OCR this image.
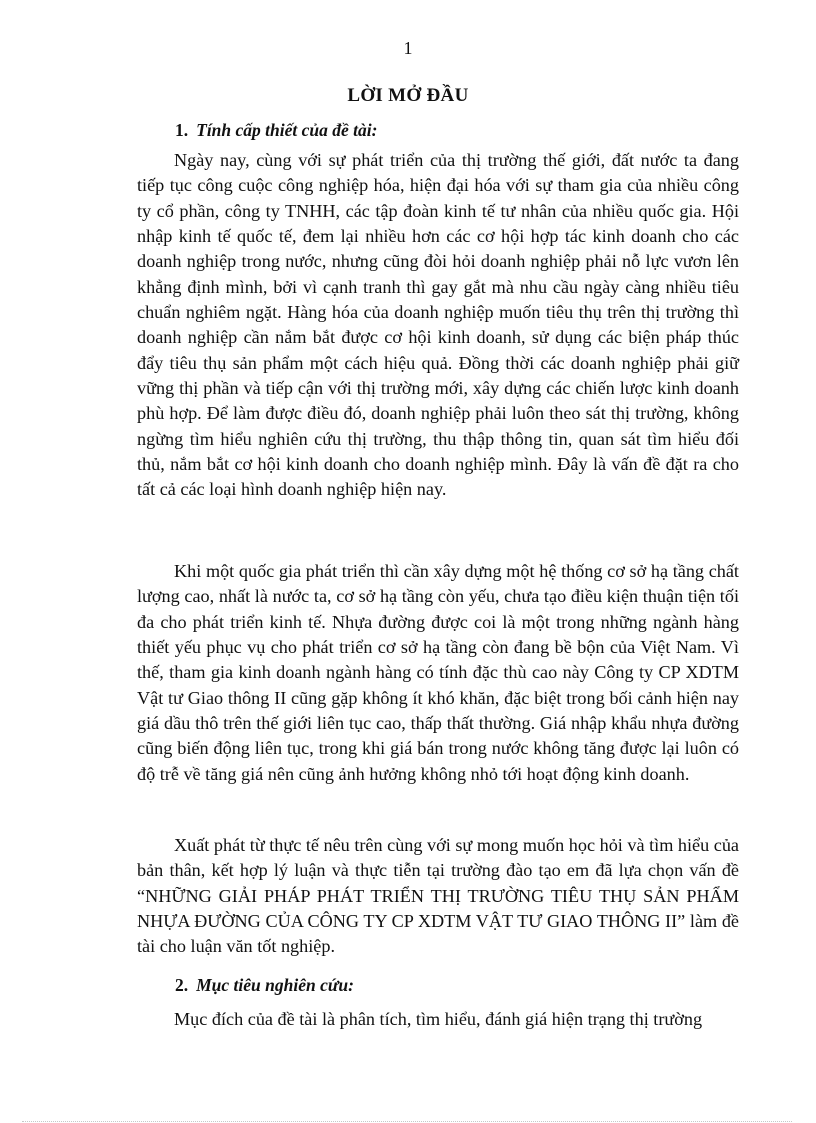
1
LỜI MỞ ĐẦU
1. Tính cấp thiết của đề tài:

Ngày nay, cùng với sự phát triển của thị trường thế giới, đất nước ta đang tiếp tục công cuộc công nghiệp hóa, hiện đại hóa với sự tham gia của nhiều công ty cổ phần, công ty TNHH, các tập đoàn kinh tế tư nhân của nhiều quốc gia. Hội nhập kinh tế quốc tế, đem lại nhiều hơn các cơ hội hợp tác kinh doanh cho các doanh nghiệp trong nước, nhưng cũng đòi hỏi doanh nghiệp phải nỗ lực vươn lên khẳng định mình, bởi vì cạnh tranh thì gay gắt mà nhu cầu ngày càng nhiều tiêu chuẩn nghiêm ngặt. Hàng hóa của doanh nghiệp muốn tiêu thụ trên thị trường thì doanh nghiệp cần nắm bắt được cơ hội kinh doanh, sử dụng các biện pháp thúc đẩy tiêu thụ sản phẩm một cách hiệu quả. Đồng thời các doanh nghiệp phải giữ vững thị phần và tiếp cận với thị trường mới, xây dựng các chiến lược kinh doanh phù hợp. Để làm được điều đó, doanh nghiệp phải luôn theo sát thị trường, không ngừng tìm hiểu nghiên cứu thị trường, thu thập thông tin, quan sát tìm hiểu đối thủ, nắm bắt cơ hội kinh doanh cho doanh nghiệp mình. Đây là vấn đề đặt ra cho tất cả các loại hình doanh nghiệp hiện nay.

Khi một quốc gia phát triển thì cần xây dựng một hệ thống cơ sở hạ tầng chất lượng cao, nhất là nước ta, cơ sở hạ tầng còn yếu, chưa tạo điều kiện thuận tiện tối đa cho phát triển kinh tế. Nhựa đường được coi là một trong những ngành hàng thiết yếu phục vụ cho phát triển cơ sở hạ tầng còn đang bề bộn của Việt Nam. Vì thế, tham gia kinh doanh ngành hàng có tính đặc thù cao này Công ty CP XDTM Vật tư Giao thông II cũng gặp không ít khó khăn, đặc biệt trong bối cảnh hiện nay giá dầu thô trên thế giới liên tục cao, thấp thất thường. Giá nhập khẩu nhựa đường cũng biến động liên tục, trong khi giá bán trong nước không tăng được lại luôn có độ trễ về tăng giá nên cũng ảnh hưởng không nhỏ tới hoạt động kinh doanh.

Xuất phát từ thực tế nêu trên cùng với sự mong muốn học hỏi và tìm hiểu của bản thân, kết hợp lý luận và thực tiễn tại trường đào tạo em đã lựa chọn vấn đề “NHỮNG GIẢI PHÁP PHÁT TRIỂN THỊ TRƯỜNG TIÊU THỤ SẢN PHẨM NHỰA ĐƯỜNG CỦA CÔNG TY CP XDTM VẬT TƯ GIAO THÔNG II” làm đề tài cho luận văn tốt nghiệp.

2. Mục tiêu nghiên cứu:

Mục đích của đề tài là phân tích, tìm hiểu, đánh giá hiện trạng thị trường
